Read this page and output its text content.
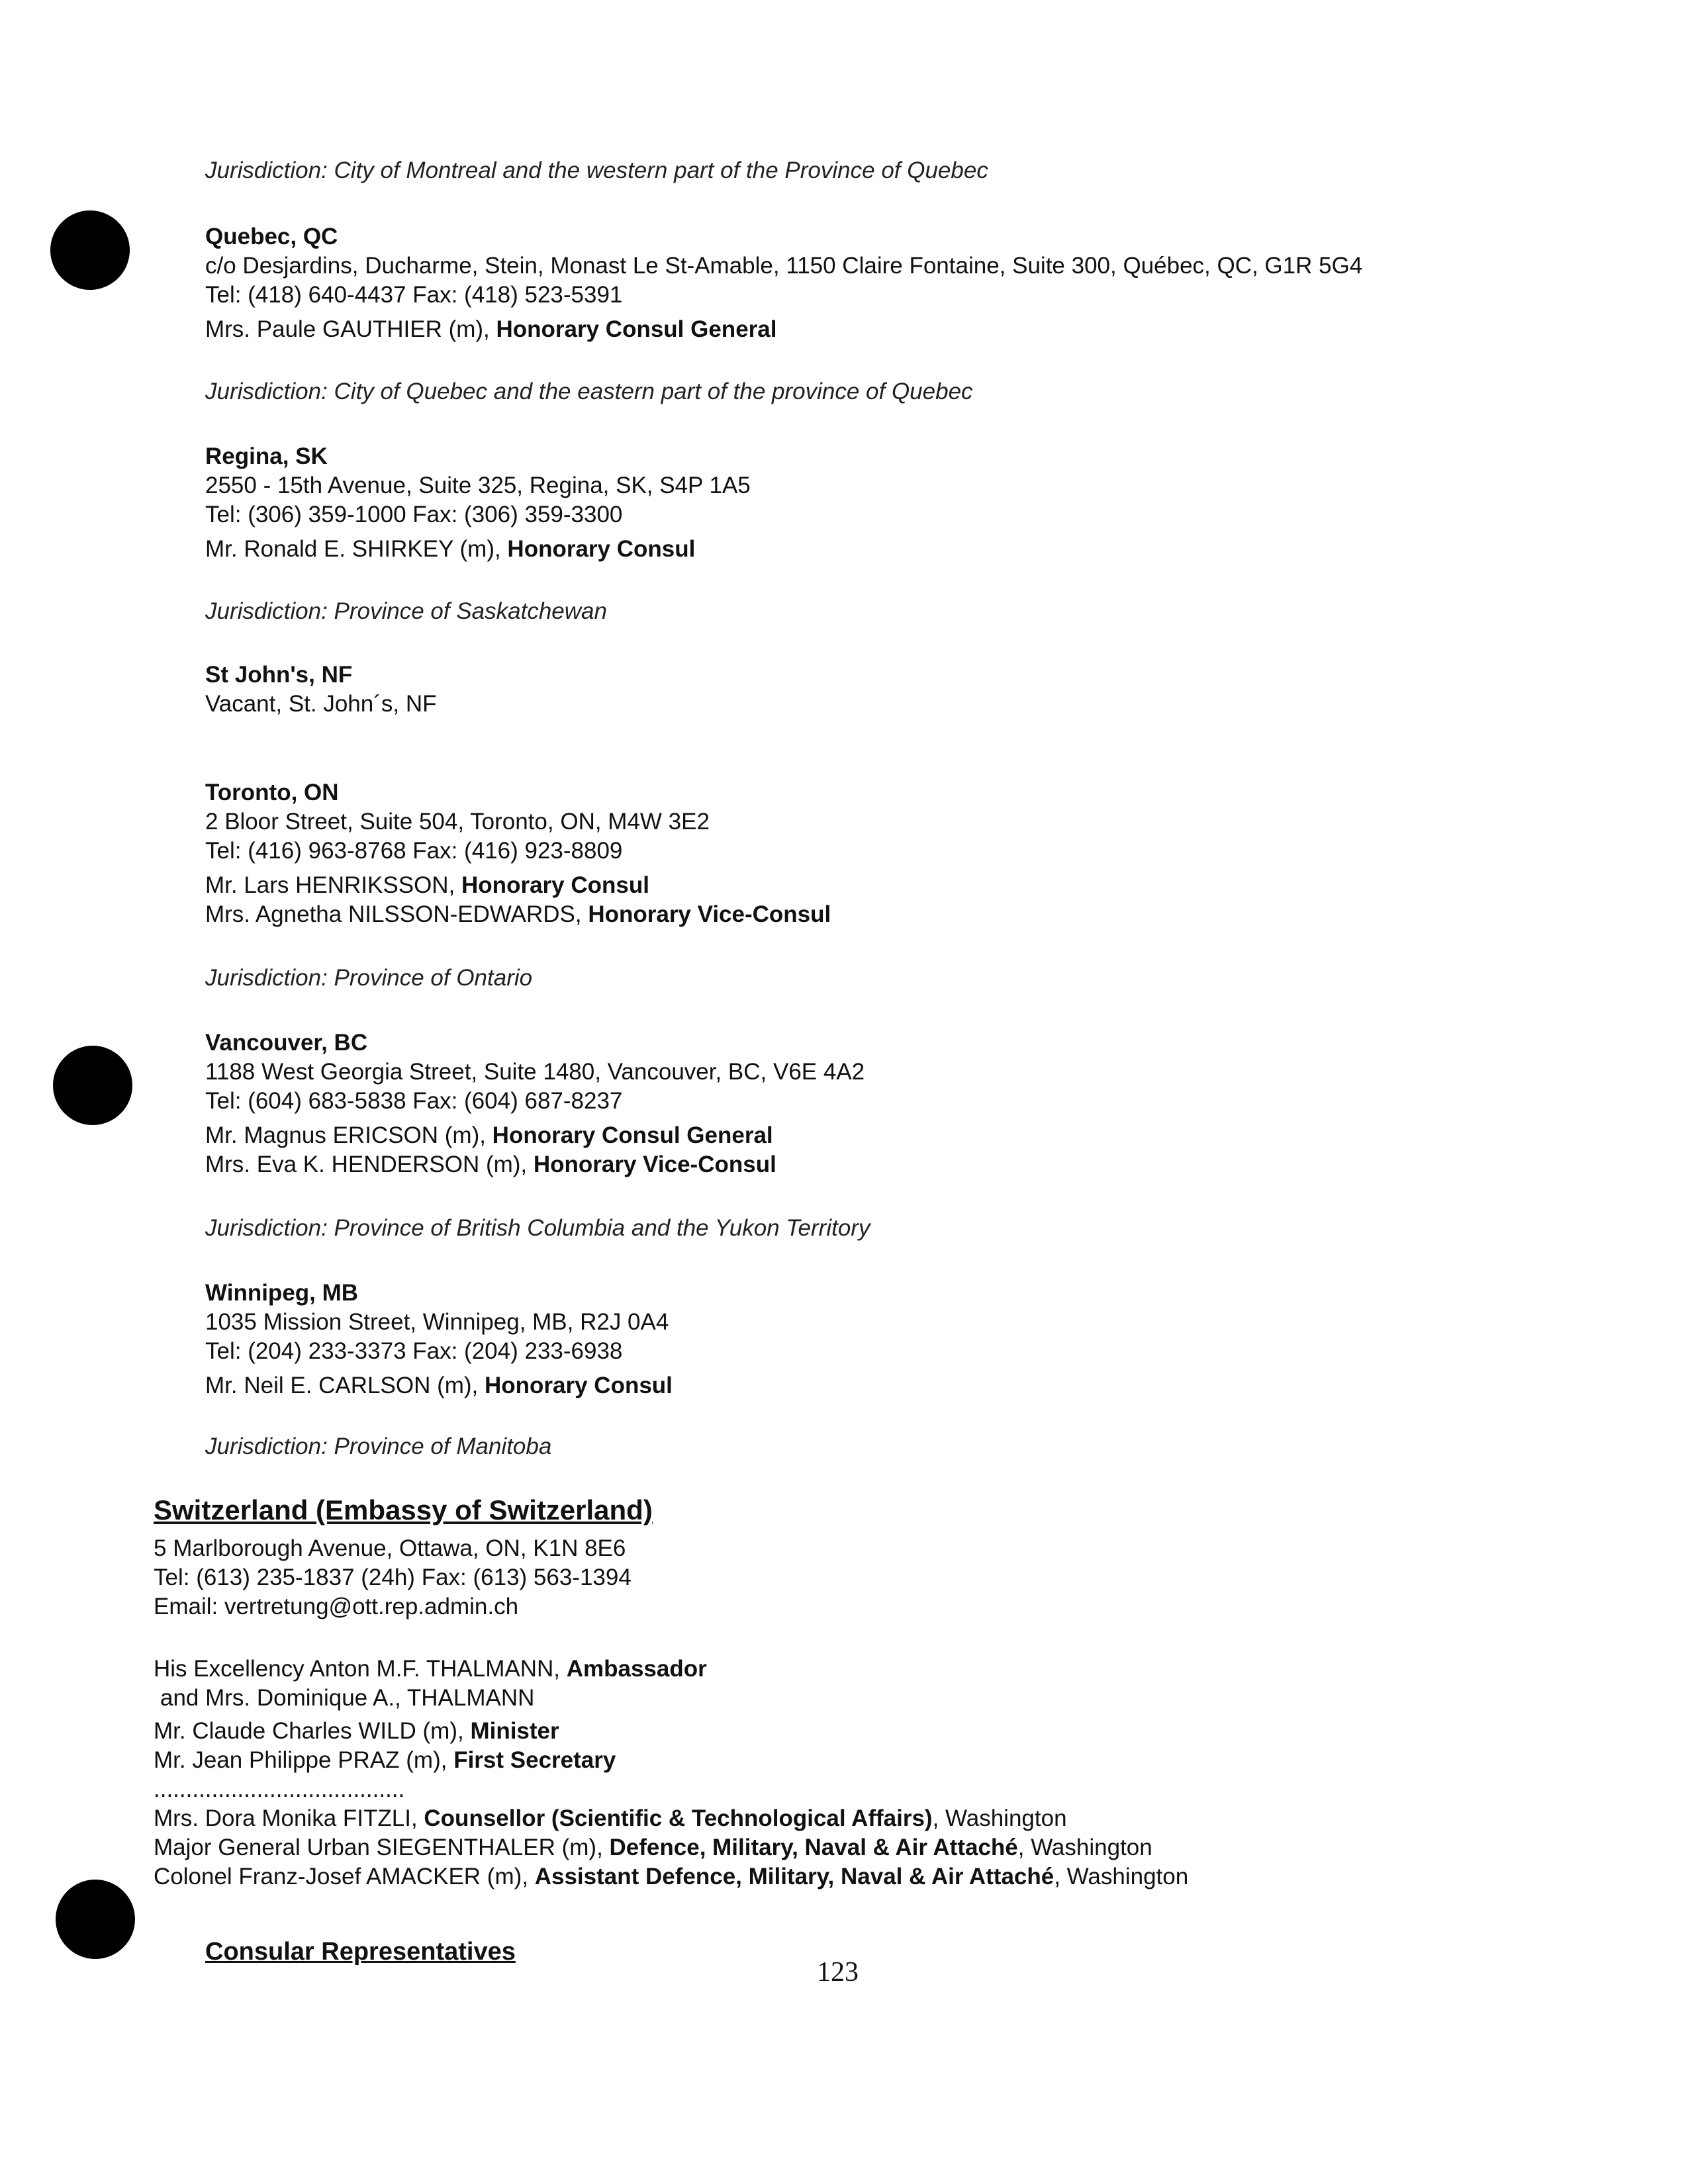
Jurisdiction: City of Montreal and the western part of the Province of Quebec
Quebec, QC
c/o Desjardins, Ducharme, Stein, Monast Le St-Amable, 1150 Claire Fontaine, Suite 300, Québec, QC, G1R 5G4
Tel: (418) 640-4437 Fax: (418) 523-5391
Mrs. Paule GAUTHIER (m), Honorary Consul General
Jurisdiction: City of Quebec and the eastern part of the province of Quebec
Regina, SK
2550 - 15th Avenue, Suite 325, Regina, SK, S4P 1A5
Tel: (306) 359-1000 Fax: (306) 359-3300
Mr. Ronald E. SHIRKEY (m), Honorary Consul
Jurisdiction: Province of Saskatchewan
St John's, NF
Vacant, St. John´s, NF
Toronto, ON
2 Bloor Street, Suite 504, Toronto, ON, M4W 3E2
Tel: (416) 963-8768 Fax: (416) 923-8809
Mr. Lars HENRIKSSON, Honorary Consul
Mrs. Agnetha NILSSON-EDWARDS, Honorary Vice-Consul
Jurisdiction: Province of Ontario
Vancouver, BC
1188 West Georgia Street, Suite 1480, Vancouver, BC, V6E 4A2
Tel: (604) 683-5838 Fax: (604) 687-8237
Mr. Magnus ERICSON (m), Honorary Consul General
Mrs. Eva K. HENDERSON (m), Honorary Vice-Consul
Jurisdiction: Province of British Columbia and the Yukon Territory
Winnipeg, MB
1035 Mission Street, Winnipeg, MB, R2J 0A4
Tel: (204) 233-3373 Fax: (204) 233-6938
Mr. Neil E. CARLSON (m), Honorary Consul
Jurisdiction: Province of Manitoba
Switzerland (Embassy of Switzerland)
5 Marlborough Avenue, Ottawa, ON, K1N 8E6
Tel: (613) 235-1837 (24h) Fax: (613) 563-1394
Email: vertretung@ott.rep.admin.ch
His Excellency Anton M.F. THALMANN, Ambassador
and Mrs. Dominique A., THALMANN
Mr. Claude Charles WILD (m), Minister
Mr. Jean Philippe PRAZ (m), First Secretary
.......................................
Mrs. Dora Monika FITZLI, Counsellor (Scientific & Technological Affairs), Washington
Major General Urban SIEGENTHALER (m), Defence, Military, Naval & Air Attaché, Washington
Colonel Franz-Josef AMACKER (m), Assistant Defence, Military, Naval & Air Attaché, Washington
Consular Representatives
123
